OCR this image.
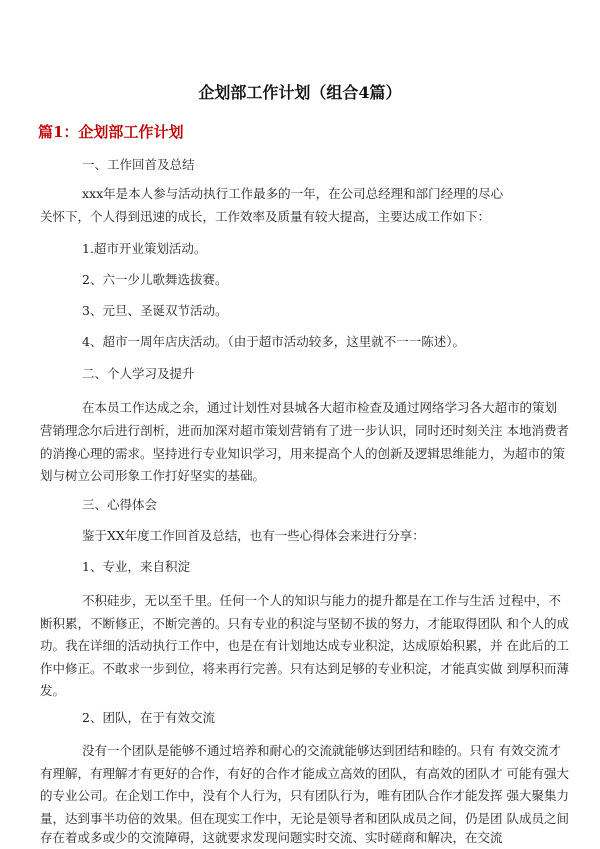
企划部工作计划（组合4篇）
篇1：企划部工作计划
一、工作回首及总结
xxx年是本人参与活动执行工作最多的一年，在公司总经理和部门经理的尽心
关怀下，个人得到迅速的成长，工作效率及质量有较大提高，主要达成工作如下：
1.超市开业策划活动。
2、六一少儿歌舞选拔赛。
3、元旦、圣诞双节活动。
4、超市一周年店庆活动。（由于超市活动较多，这里就不一一陈述）。
二、个人学习及提升
在本员工作达成之余，通过计划性对县城各大超市检查及通过网络学习各大超市的策划
营销理念尔后进行剖析，进而加深对超市策划营销有了进一步认识，同时还时刻关注 本地消费者
的消搀心理的需求。坚持进行专业知识学习，用来提高个人的创新及逻辑思维能力，为超市的策
划与树立公司形象工作打好坚实的基础。
三、心得体会
鉴于XX年度工作回首及总结，也有一些心得体会来进行分享：
1、专业，来自积淀
不积硅步，无以至千里。任何一个人的知识与能力的提升都是在工作与生活 过程中，不
断积累，不断修正，不断完善的。只有专业的积淀与坚韧不拔的努力，才能取得团队 和个人的成
功。我在详细的活动执行工作中，也是在有计划地达成专业积淀，达成原始积累，并 在此后的工
作中修正。不敢求一步到位，将来再行完善。只有达到足够的专业积淀，才能真实做 到厚积而薄
发。
2、团队，在于有效交流
没有一个团队是能够不通过培养和耐心的交流就能够达到团结和睦的。只有 有效交流才
有理解，有理解才有更好的合作，有好的合作才能成立高效的团队，有高效的团队才 可能有强大
的专业公司。在企划工作中，没有个人行为，只有团队行为，唯有团队合作才能发挥 强大聚集力
量，达到事半功倍的效果。但在现实工作中，无论是领导者和团队成员之间，仍是团 队成员之间
存在着或多或少的交流障碍，这就要求发现问题实时交流、实时磋商和解决，在交流
